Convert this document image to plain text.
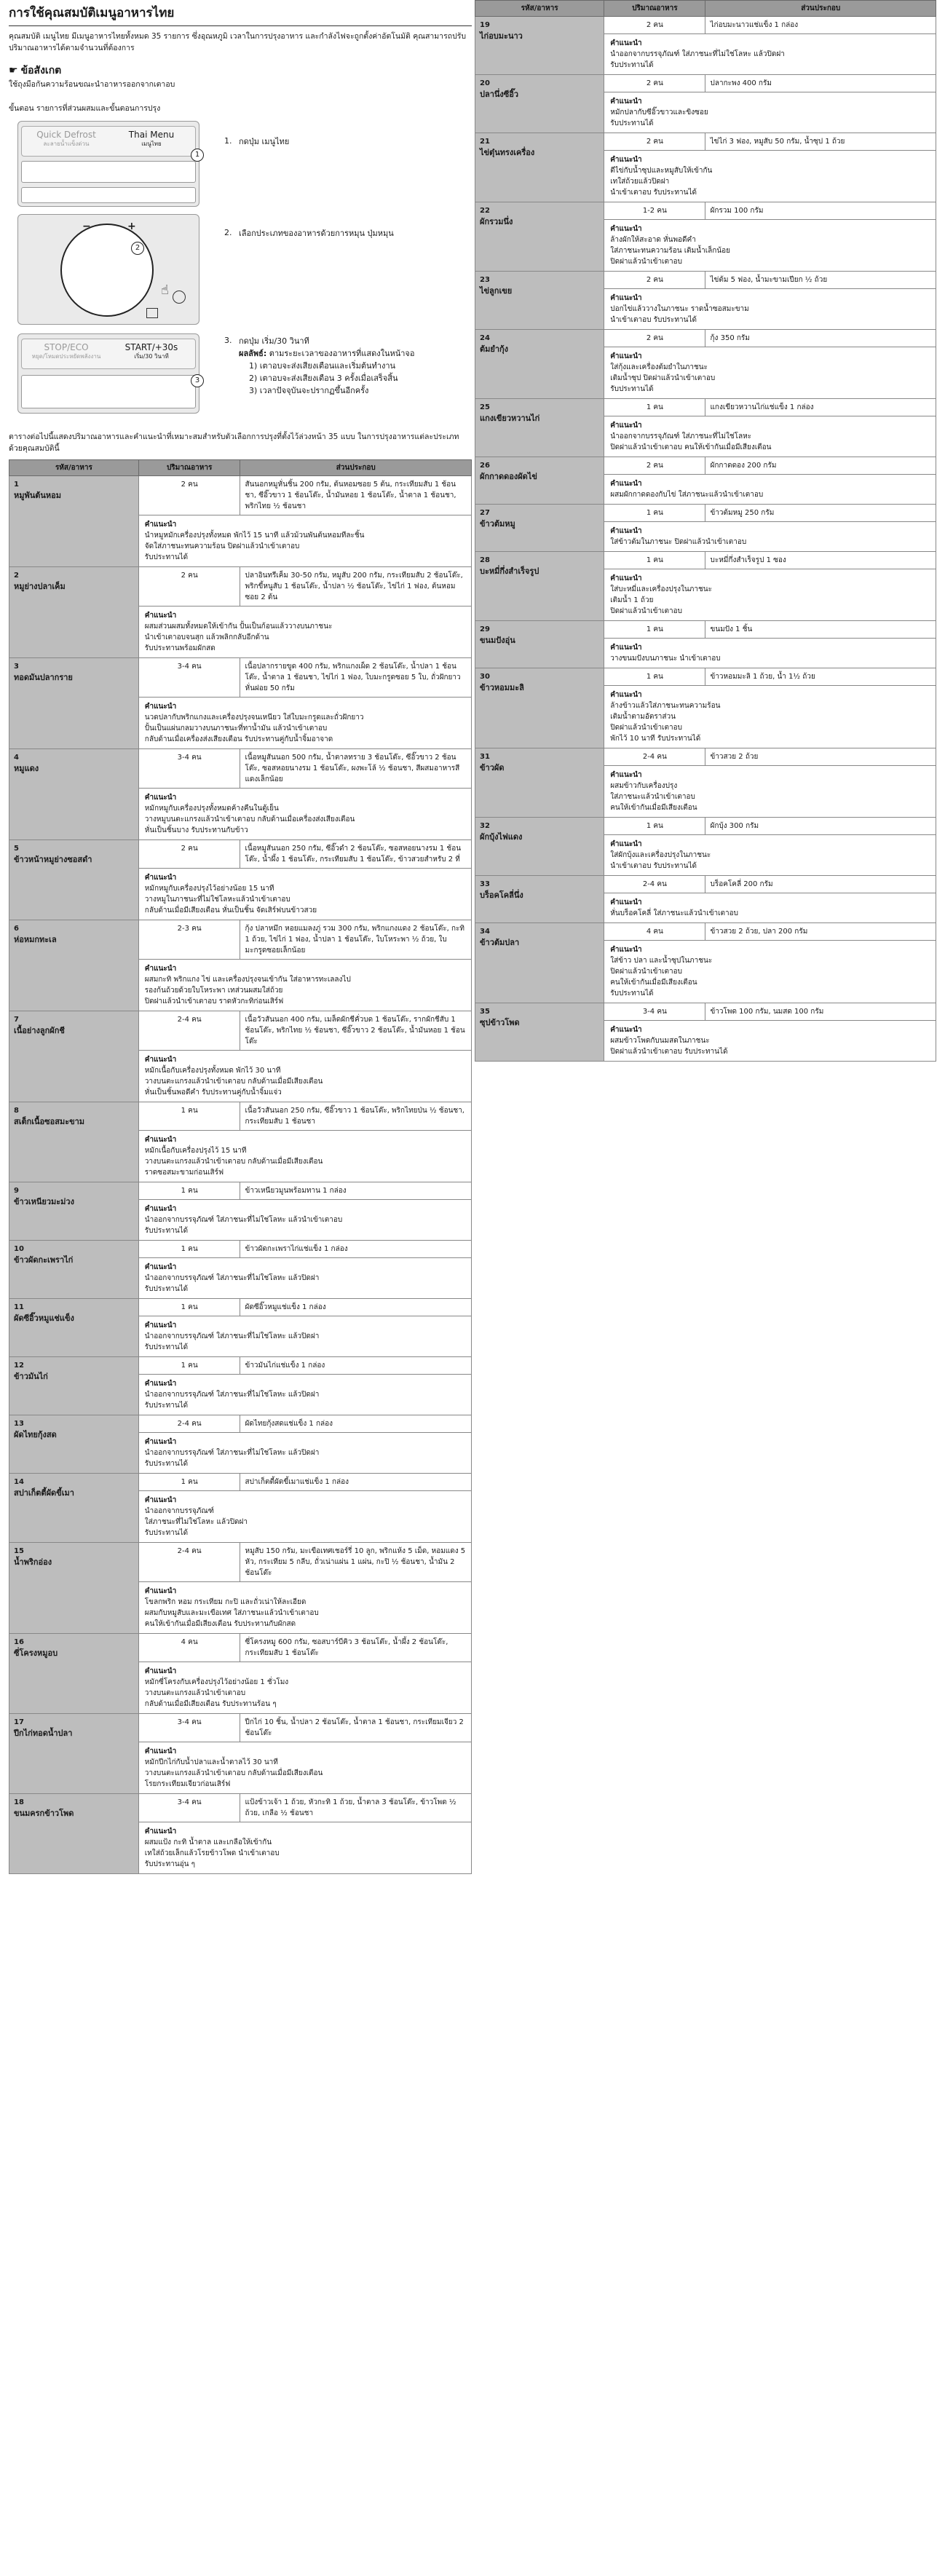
การใช้คุณสมบัติเมนูอาหารไทย

คุณสมบัติ เมนูไทย มีเมนูอาหารไทยทั้งหมด 35 รายการ ซึ่งอุณหภูมิ เวลาในการปรุงอาหาร และกำลังไฟจะถูกตั้งค่าอัตโนมัติ คุณสามารถปรับปริมาณอาหารได้ตามจำนวนที่ต้องการ

☛ ข้อสังเกต

ใช้ถุงมือกันความร้อนขณะนำอาหารออกจากเตาอบ

ขั้นตอน รายการที่ส่วนผสมและขั้นตอนการปรุง

Quick Defrost
ละลายน้ำแข็งด่วน
Thai Menu
เมนูไทย
1
1. กดปุ่ม เมนูไทย
−	+
☝
2
2. เลือกประเภทของอาหารด้วยการหมุน ปุ่มหมุน
STOP/ECO
หยุด/โหมดประหยัดพลังงาน
START/+30s
เริ่ม/30 วินาที
3
3. กดปุ่ม เริ่ม/30 วินาที
ผลลัพธ์: ตามระยะเวลาของอาหารที่แสดงในหน้าจอ
1) เตาอบจะส่งเสียงเตือนและเริ่มต้นทำงาน
2) เตาอบจะส่งเสียงเตือน 3 ครั้งเมื่อเสร็จสิ้น
3) เวลาปัจจุบันจะปรากฏขึ้นอีกครั้ง

ตารางต่อไปนี้แสดงปริมาณอาหารและคำแนะนำที่เหมาะสมสำหรับตัวเลือกการปรุงที่ตั้งไว้ล่วงหน้า 35 แบบ ในการปรุงอาหารแต่ละประเภทด้วยคุณสมบัตินี้

รหัส/อาหาร	ปริมาณอาหาร	ส่วนประกอบ

1
หมูพันต้นหอม	2 คน	สันนอกหมูหั่นชิ้น 200 กรัม, ต้นหอมซอย 5 ต้น, กระเทียมสับ 1 ช้อนชา, ซีอิ๊วขาว 1 ช้อนโต๊ะ, น้ำมันหอย 1 ช้อนโต๊ะ, น้ำตาล 1 ช้อนชา, พริกไทย ½ ช้อนชา

	คำแนะนำ
นำหมูหมักเครื่องปรุงทั้งหมด พักไว้ 15 นาที แล้วม้วนพันต้นหอมทีละชิ้น
จัดใส่ภาชนะทนความร้อน ปิดฝาแล้วนำเข้าเตาอบ
รับประทานได้	

2
หมูย่างปลาเค็ม	2 คน	ปลาอินทรีเค็ม 30-50 กรัม, หมูสับ 200 กรัม, กระเทียมสับ 2 ช้อนโต๊ะ, พริกขี้หนูสับ 1 ช้อนโต๊ะ, น้ำปลา ½ ช้อนโต๊ะ, ไข่ไก่ 1 ฟอง, ต้นหอมซอย 2 ต้น

	คำแนะนำ
ผสมส่วนผสมทั้งหมดให้เข้ากัน ปั้นเป็นก้อนแล้ววางบนภาชนะ
นำเข้าเตาอบจนสุก แล้วพลิกกลับอีกด้าน
รับประทานพร้อมผักสด	

3
ทอดมันปลากราย	3-4 คน	เนื้อปลากรายขูด 400 กรัม, พริกแกงเผ็ด 2 ช้อนโต๊ะ, น้ำปลา 1 ช้อนโต๊ะ, น้ำตาล 1 ช้อนชา, ไข่ไก่ 1 ฟอง, ใบมะกรูดซอย 5 ใบ, ถั่วฝักยาวหั่นฝอย 50 กรัม

	คำแนะนำ
นวดปลากับพริกแกงและเครื่องปรุงจนเหนียว ใส่ใบมะกรูดและถั่วฝักยาว
ปั้นเป็นแผ่นกลมวางบนภาชนะที่ทาน้ำมัน แล้วนำเข้าเตาอบ
กลับด้านเมื่อเครื่องส่งเสียงเตือน รับประทานคู่กับน้ำจิ้มอาจาด	

4
หมูแดง	3-4 คน	เนื้อหมูสันนอก 500 กรัม, น้ำตาลทราย 3 ช้อนโต๊ะ, ซีอิ๊วขาว 2 ช้อนโต๊ะ, ซอสหอยนางรม 1 ช้อนโต๊ะ, ผงพะโล้ ½ ช้อนชา, สีผสมอาหารสีแดงเล็กน้อย

	คำแนะนำ
หมักหมูกับเครื่องปรุงทั้งหมดค้างคืนในตู้เย็น
วางหมูบนตะแกรงแล้วนำเข้าเตาอบ กลับด้านเมื่อเครื่องส่งเสียงเตือน
หั่นเป็นชิ้นบาง รับประทานกับข้าว	

5
ข้าวหน้าหมูย่างซอสดำ	2 คน	เนื้อหมูสันนอก 250 กรัม, ซีอิ๊วดำ 2 ช้อนโต๊ะ, ซอสหอยนางรม 1 ช้อนโต๊ะ, น้ำผึ้ง 1 ช้อนโต๊ะ, กระเทียมสับ 1 ช้อนโต๊ะ, ข้าวสวยสำหรับ 2 ที่

	คำแนะนำ
หมักหมูกับเครื่องปรุงไว้อย่างน้อย 15 นาที
วางหมูในภาชนะที่ไม่ใช่โลหะแล้วนำเข้าเตาอบ
กลับด้านเมื่อมีเสียงเตือน หั่นเป็นชิ้น จัดเสิร์ฟบนข้าวสวย	

6
ห่อหมกทะเล	2-3 คน	กุ้ง ปลาหมึก หอยแมลงภู่ รวม 300 กรัม, พริกแกงแดง 2 ช้อนโต๊ะ, กะทิ 1 ถ้วย, ไข่ไก่ 1 ฟอง, น้ำปลา 1 ช้อนโต๊ะ, ใบโหระพา ½ ถ้วย, ใบมะกรูดซอยเล็กน้อย

	คำแนะนำ
ผสมกะทิ พริกแกง ไข่ และเครื่องปรุงจนเข้ากัน ใส่อาหารทะเลลงไป
รองก้นถ้วยด้วยใบโหระพา เทส่วนผสมใส่ถ้วย
ปิดฝาแล้วนำเข้าเตาอบ ราดหัวกะทิก่อนเสิร์ฟ	

7
เนื้อย่างลูกผักชี	2-4 คน	เนื้อวัวสันนอก 400 กรัม, เมล็ดผักชีคั่วบด 1 ช้อนโต๊ะ, รากผักชีสับ 1 ช้อนโต๊ะ, พริกไทย ½ ช้อนชา, ซีอิ๊วขาว 2 ช้อนโต๊ะ, น้ำมันหอย 1 ช้อนโต๊ะ

	คำแนะนำ
หมักเนื้อกับเครื่องปรุงทั้งหมด พักไว้ 30 นาที
วางบนตะแกรงแล้วนำเข้าเตาอบ กลับด้านเมื่อมีเสียงเตือน
หั่นเป็นชิ้นพอดีคำ รับประทานคู่กับน้ำจิ้มแจ่ว	

8
สเต็กเนื้อซอสมะขาม	1 คน	เนื้อวัวสันนอก 250 กรัม, ซีอิ๊วขาว 1 ช้อนโต๊ะ, พริกไทยป่น ½ ช้อนชา, กระเทียมสับ 1 ช้อนชา

	คำแนะนำ
หมักเนื้อกับเครื่องปรุงไว้ 15 นาที
วางบนตะแกรงแล้วนำเข้าเตาอบ กลับด้านเมื่อมีเสียงเตือน
ราดซอสมะขามก่อนเสิร์ฟ	

9
ข้าวเหนียวมะม่วง	1 คน	ข้าวเหนียวมูนพร้อมทาน 1 กล่อง

	คำแนะนำ
นำออกจากบรรจุภัณฑ์ ใส่ภาชนะที่ไม่ใช่โลหะ แล้วนำเข้าเตาอบ
รับประทานได้	

10
ข้าวผัดกะเพราไก่	1 คน	ข้าวผัดกะเพราไก่แช่แข็ง 1 กล่อง

	คำแนะนำ
นำออกจากบรรจุภัณฑ์ ใส่ภาชนะที่ไม่ใช่โลหะ แล้วปิดฝา
รับประทานได้	

11
ผัดซีอิ๊วหมูแช่แข็ง	1 คน	ผัดซีอิ๊วหมูแช่แข็ง 1 กล่อง

	คำแนะนำ
นำออกจากบรรจุภัณฑ์ ใส่ภาชนะที่ไม่ใช่โลหะ แล้วปิดฝา
รับประทานได้	

12
ข้าวมันไก่	1 คน	ข้าวมันไก่แช่แข็ง 1 กล่อง

	คำแนะนำ
นำออกจากบรรจุภัณฑ์ ใส่ภาชนะที่ไม่ใช่โลหะ แล้วปิดฝา
รับประทานได้	

13
ผัดไทยกุ้งสด	2-4 คน	ผัดไทยกุ้งสดแช่แข็ง 1 กล่อง

	คำแนะนำ
นำออกจากบรรจุภัณฑ์ ใส่ภาชนะที่ไม่ใช่โลหะ แล้วปิดฝา
รับประทานได้	

14
สปาเก็ตตี้ผัดขี้เมา	1 คน	สปาเก็ตตี้ผัดขี้เมาแช่แข็ง 1 กล่อง

	คำแนะนำ
นำออกจากบรรจุภัณฑ์
ใส่ภาชนะที่ไม่ใช่โลหะ แล้วปิดฝา
รับประทานได้	

15
น้ำพริกอ่อง	2-4 คน	หมูสับ 150 กรัม, มะเขือเทศเชอร์รี่ 10 ลูก, พริกแห้ง 5 เม็ด, หอมแดง 5 หัว, กระเทียม 5 กลีบ, ถั่วเน่าแผ่น 1 แผ่น, กะปิ ½ ช้อนชา, น้ำมัน 2 ช้อนโต๊ะ

	คำแนะนำ
โขลกพริก หอม กระเทียม กะปิ และถั่วเน่าให้ละเอียด
ผสมกับหมูสับและมะเขือเทศ ใส่ภาชนะแล้วนำเข้าเตาอบ
คนให้เข้ากันเมื่อมีเสียงเตือน รับประทานกับผักสด	

16
ซี่โครงหมูอบ	4 คน	ซี่โครงหมู 600 กรัม, ซอสบาร์บีคิว 3 ช้อนโต๊ะ, น้ำผึ้ง 2 ช้อนโต๊ะ, กระเทียมสับ 1 ช้อนโต๊ะ

	คำแนะนำ
หมักซี่โครงกับเครื่องปรุงไว้อย่างน้อย 1 ชั่วโมง
วางบนตะแกรงแล้วนำเข้าเตาอบ
กลับด้านเมื่อมีเสียงเตือน รับประทานร้อน ๆ	

17
ปีกไก่ทอดน้ำปลา	3-4 คน	ปีกไก่ 10 ชิ้น, น้ำปลา 2 ช้อนโต๊ะ, น้ำตาล 1 ช้อนชา, กระเทียมเจียว 2 ช้อนโต๊ะ

	คำแนะนำ
หมักปีกไก่กับน้ำปลาและน้ำตาลไว้ 30 นาที
วางบนตะแกรงแล้วนำเข้าเตาอบ กลับด้านเมื่อมีเสียงเตือน
โรยกระเทียมเจียวก่อนเสิร์ฟ	

18
ขนมครกข้าวโพด	3-4 คน	แป้งข้าวเจ้า 1 ถ้วย, หัวกะทิ 1 ถ้วย, น้ำตาล 3 ช้อนโต๊ะ, ข้าวโพด ½ ถ้วย, เกลือ ½ ช้อนชา

	คำแนะนำ
ผสมแป้ง กะทิ น้ำตาล และเกลือให้เข้ากัน
เทใส่ถ้วยเล็กแล้วโรยข้าวโพด นำเข้าเตาอบ
รับประทานอุ่น ๆ	
รหัส/อาหาร	ปริมาณอาหาร	ส่วนประกอบ

19
ไก่อบมะนาว	2 คน	ไก่อบมะนาวแช่แข็ง 1 กล่อง

	คำแนะนำ
นำออกจากบรรจุภัณฑ์ ใส่ภาชนะที่ไม่ใช่โลหะ แล้วปิดฝา
รับประทานได้	

20
ปลานึ่งซีอิ๊ว	2 คน	ปลากะพง 400 กรัม

	คำแนะนำ
หมักปลากับซีอิ๊วขาวและขิงซอย
รับประทานได้	

21
ไข่ตุ๋นทรงเครื่อง	2 คน	ไข่ไก่ 3 ฟอง, หมูสับ 50 กรัม, น้ำซุป 1 ถ้วย

	คำแนะนำ
ตีไข่กับน้ำซุปและหมูสับให้เข้ากัน
เทใส่ถ้วยแล้วปิดฝา
นำเข้าเตาอบ รับประทานได้	

22
ผักรวมนึ่ง	1-2 คน	ผักรวม 100 กรัม

	คำแนะนำ
ล้างผักให้สะอาด หั่นพอดีคำ
ใส่ภาชนะทนความร้อน เติมน้ำเล็กน้อย
ปิดฝาแล้วนำเข้าเตาอบ	

23
ไข่ลูกเขย	2 คน	ไข่ต้ม 5 ฟอง, น้ำมะขามเปียก ½ ถ้วย

	คำแนะนำ
ปอกไข่แล้ววางในภาชนะ ราดน้ำซอสมะขาม
นำเข้าเตาอบ รับประทานได้	

24
ต้มยำกุ้ง	2 คน	กุ้ง 350 กรัม

	คำแนะนำ
ใส่กุ้งและเครื่องต้มยำในภาชนะ
เติมน้ำซุป ปิดฝาแล้วนำเข้าเตาอบ
รับประทานได้	

25
แกงเขียวหวานไก่	1 คน	แกงเขียวหวานไก่แช่แข็ง 1 กล่อง

	คำแนะนำ
นำออกจากบรรจุภัณฑ์ ใส่ภาชนะที่ไม่ใช่โลหะ
ปิดฝาแล้วนำเข้าเตาอบ คนให้เข้ากันเมื่อมีเสียงเตือน	

26
ผักกาดดองผัดไข่	2 คน	ผักกาดดอง 200 กรัม

	คำแนะนำ
ผสมผักกาดดองกับไข่ ใส่ภาชนะแล้วนำเข้าเตาอบ	

27
ข้าวต้มหมู	1 คน	ข้าวต้มหมู 250 กรัม

	คำแนะนำ
ใส่ข้าวต้มในภาชนะ ปิดฝาแล้วนำเข้าเตาอบ	

28
บะหมี่กึ่งสำเร็จรูป	1 คน	บะหมี่กึ่งสำเร็จรูป 1 ซอง

	คำแนะนำ
ใส่บะหมี่และเครื่องปรุงในภาชนะ
เติมน้ำ 1 ถ้วย
ปิดฝาแล้วนำเข้าเตาอบ	

29
ขนมปังอุ่น	1 คน	ขนมปัง 1 ชิ้น

	คำแนะนำ
วางขนมปังบนภาชนะ นำเข้าเตาอบ	

30
ข้าวหอมมะลิ	1 คน	ข้าวหอมมะลิ 1 ถ้วย, น้ำ 1½ ถ้วย

	คำแนะนำ
ล้างข้าวแล้วใส่ภาชนะทนความร้อน
เติมน้ำตามอัตราส่วน
ปิดฝาแล้วนำเข้าเตาอบ
พักไว้ 10 นาที รับประทานได้	

31
ข้าวผัด	2-4 คน	ข้าวสวย 2 ถ้วย

	คำแนะนำ
ผสมข้าวกับเครื่องปรุง
ใส่ภาชนะแล้วนำเข้าเตาอบ
คนให้เข้ากันเมื่อมีเสียงเตือน	

32
ผักบุ้งไฟแดง	1 คน	ผักบุ้ง 300 กรัม

	คำแนะนำ
ใส่ผักบุ้งและเครื่องปรุงในภาชนะ
นำเข้าเตาอบ รับประทานได้	

33
บร็อคโคลี่นึ่ง	2-4 คน	บร็อคโคลี่ 200 กรัม

	คำแนะนำ
หั่นบร็อคโคลี่ ใส่ภาชนะแล้วนำเข้าเตาอบ	

34
ข้าวต้มปลา	4 คน	ข้าวสวย 2 ถ้วย, ปลา 200 กรัม

	คำแนะนำ
ใส่ข้าว ปลา และน้ำซุปในภาชนะ
ปิดฝาแล้วนำเข้าเตาอบ
คนให้เข้ากันเมื่อมีเสียงเตือน
รับประทานได้	

35
ซุปข้าวโพด	3-4 คน	ข้าวโพด 100 กรัม, นมสด 100 กรัม

	คำแนะนำ
ผสมข้าวโพดกับนมสดในภาชนะ
ปิดฝาแล้วนำเข้าเตาอบ รับประทานได้	
